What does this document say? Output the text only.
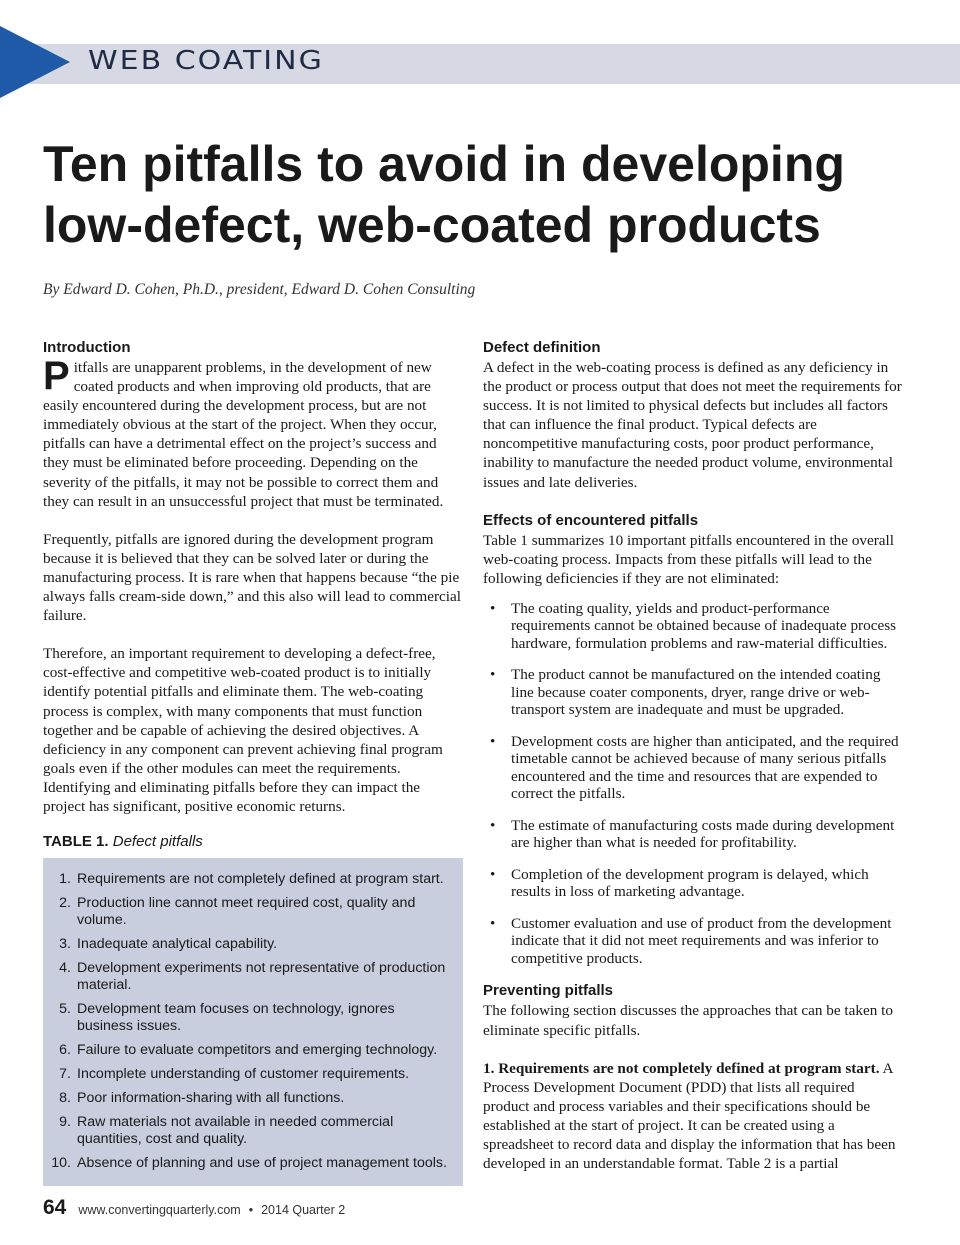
WEB COATING
Ten pitfalls to avoid in developing
low-defect, web-coated products
By Edward D. Cohen, Ph.D., president, Edward D. Cohen Consulting

Introduction

Pitfalls are unapparent problems, in the development of new coated products and when improving old products, that are easily encountered during the development process, but are not immediately obvious at the start of the project. When they occur, pitfalls can have a detrimental effect on the project’s success and they must be eliminated before proceeding. Depending on the severity of the pitfalls, it may not be possible to correct them and they can result in an unsuccessful project that must be terminated.

Frequently, pitfalls are ignored during the development program because it is believed that they can be solved later or during the manufacturing process. It is rare when that happens because “the pie always falls cream-side down,” and this also will lead to commercial failure.

Therefore, an important requirement to developing a defect-free, cost-effective and competitive web-coated product is to initially identify potential pitfalls and eliminate them. The web-coating process is complex, with many components that must function together and be capable of achieving the desired objectives. A deficiency in any component can prevent achieving final program goals even if the other modules can meet the requirements. Identifying and eliminating pitfalls before they can impact the project has significant, positive economic returns.

TABLE 1. Defect pitfalls
1. Requirements are not completely defined at program start.
2. Production line cannot meet required cost, quality and volume.
3. Inadequate analytical capability.
4. Development experiments not representative of production material.
5. Development team focuses on technology, ignores business issues.
6. Failure to evaluate competitors and emerging technology.
7. Incomplete understanding of customer requirements.
8. Poor information-sharing with all functions.
9. Raw materials not available in needed commercial quantities, cost and quality.
10. Absence of planning and use of project management tools.

Defect definition

A defect in the web-coating process is defined as any deficiency in the product or process output that does not meet the requirements for success. It is not limited to physical defects but includes all factors that can influence the final product. Typical defects are noncompetitive manufacturing costs, poor product performance, inability to manufacture the needed product volume, environmental issues and late deliveries.

Effects of encountered pitfalls

Table 1 summarizes 10 important pitfalls encountered in the overall web-coating process. Impacts from these pitfalls will lead to the following deficiencies if they are not eliminated:

• The coating quality, yields and product-performance requirements cannot be obtained because of inadequate process hardware, formulation problems and raw-material difficulties.
• The product cannot be manufactured on the intended coating line because coater components, dryer, range drive or web-transport system are inadequate and must be upgraded.
• Development costs are higher than anticipated, and the required timetable cannot be achieved because of many serious pitfalls encountered and the time and resources that are expended to correct the pitfalls.
• The estimate of manufacturing costs made during development are higher than what is needed for profitability.
• Completion of the development program is delayed, which results in loss of marketing advantage.
• Customer evaluation and use of product from the development indicate that it did not meet requirements and was inferior to competitive products.

Preventing pitfalls

The following section discusses the approaches that can be taken to eliminate specific pitfalls.

1. Requirements are not completely defined at program start. A Process Development Document (PDD) that lists all required product and process variables and their specifications should be established at the start of project. It can be created using a spreadsheet to record data and display the information that has been developed in an understandable format. Table 2 is a partial

64 www.convertingquarterly.com • 2014 Quarter 2
